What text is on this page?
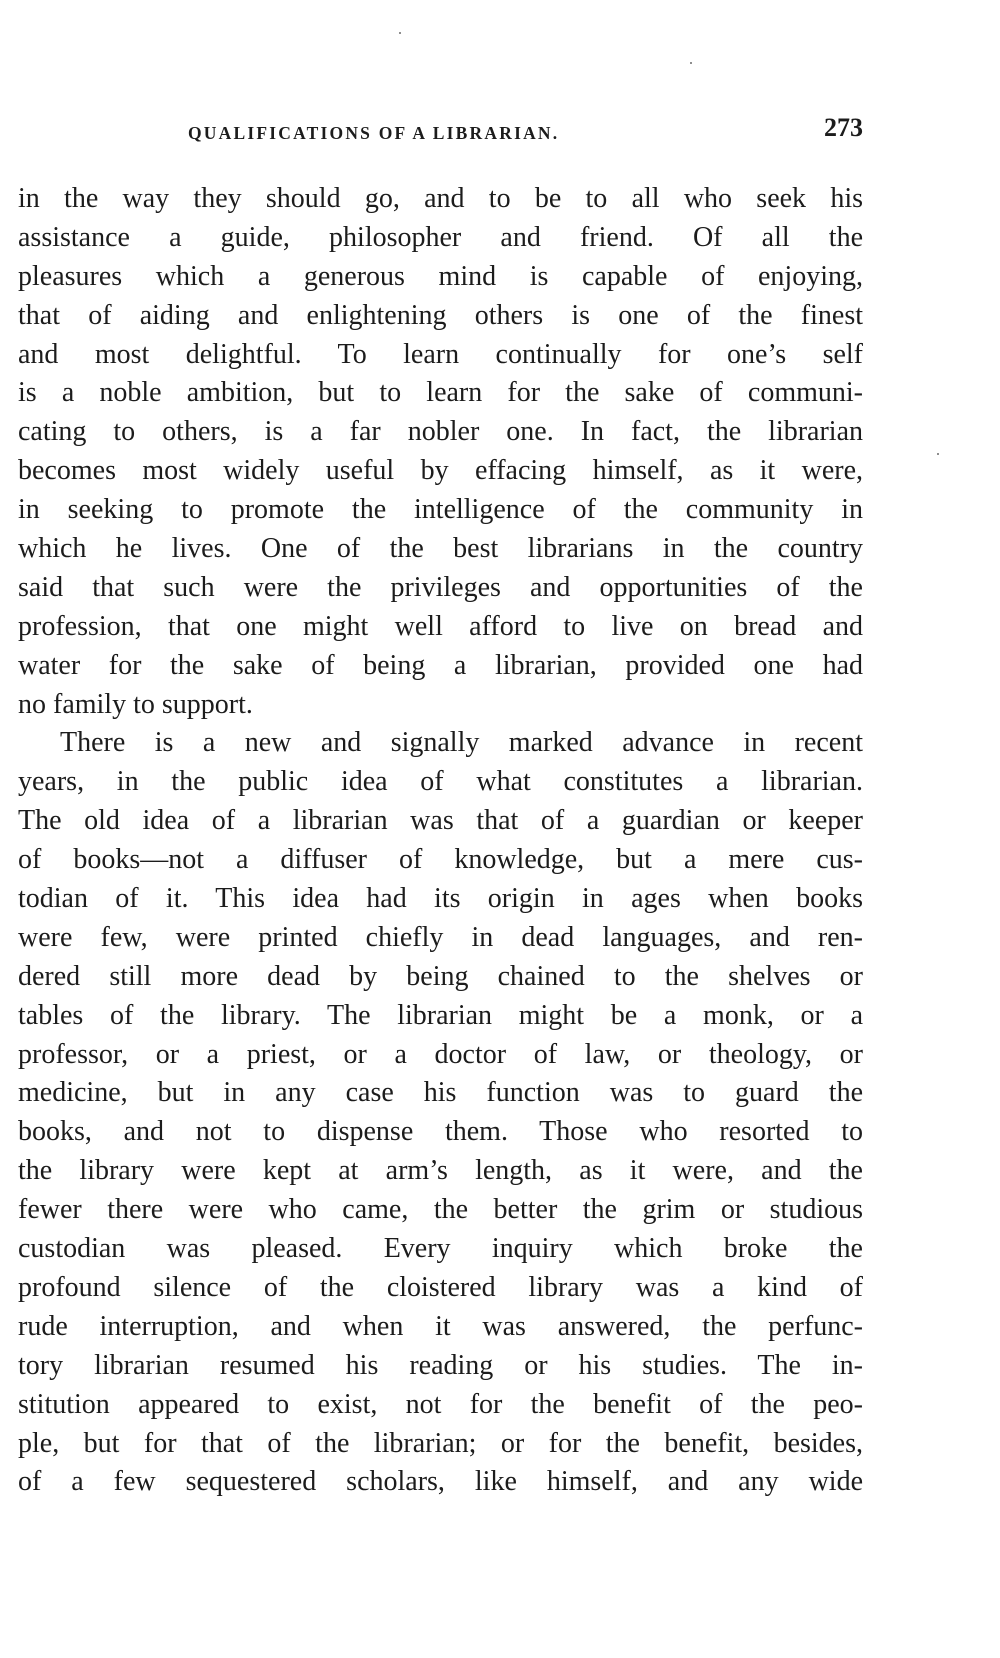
QUALIFICATIONS OF A LIBRARIAN.	273
in the way they should go, and to be to all who seek his
assistance a guide, philosopher and friend. Of all the
pleasures which a generous mind is capable of enjoying,
that of aiding and enlightening others is one of the finest
and most delightful. To learn continually for one’s self
is a noble ambition, but to learn for the sake of communi-
cating to others, is a far nobler one. In fact, the librarian
becomes most widely useful by effacing himself, as it were,
in seeking to promote the intelligence of the community in
which he lives. One of the best librarians in the country
said that such were the privileges and opportunities of the
profession, that one might well afford to live on bread and
water for the sake of being a librarian, provided one had
no family to support.
There is a new and signally marked advance in recent
years, in the public idea of what constitutes a librarian.
The old idea of a librarian was that of a guardian or keeper
of books—not a diffuser of knowledge, but a mere cus-
todian of it. This idea had its origin in ages when books
were few, were printed chiefly in dead languages, and ren-
dered still more dead by being chained to the shelves or
tables of the library. The librarian might be a monk, or a
professor, or a priest, or a doctor of law, or theology, or
medicine, but in any case his function was to guard the
books, and not to dispense them. Those who resorted to
the library were kept at arm’s length, as it were, and the
fewer there were who came, the better the grim or studious
custodian was pleased. Every inquiry which broke the
profound silence of the cloistered library was a kind of
rude interruption, and when it was answered, the perfunc-
tory librarian resumed his reading or his studies. The in-
stitution appeared to exist, not for the benefit of the peo-
ple, but for that of the librarian; or for the benefit, besides,
of a few sequestered scholars, like himself, and any wide
